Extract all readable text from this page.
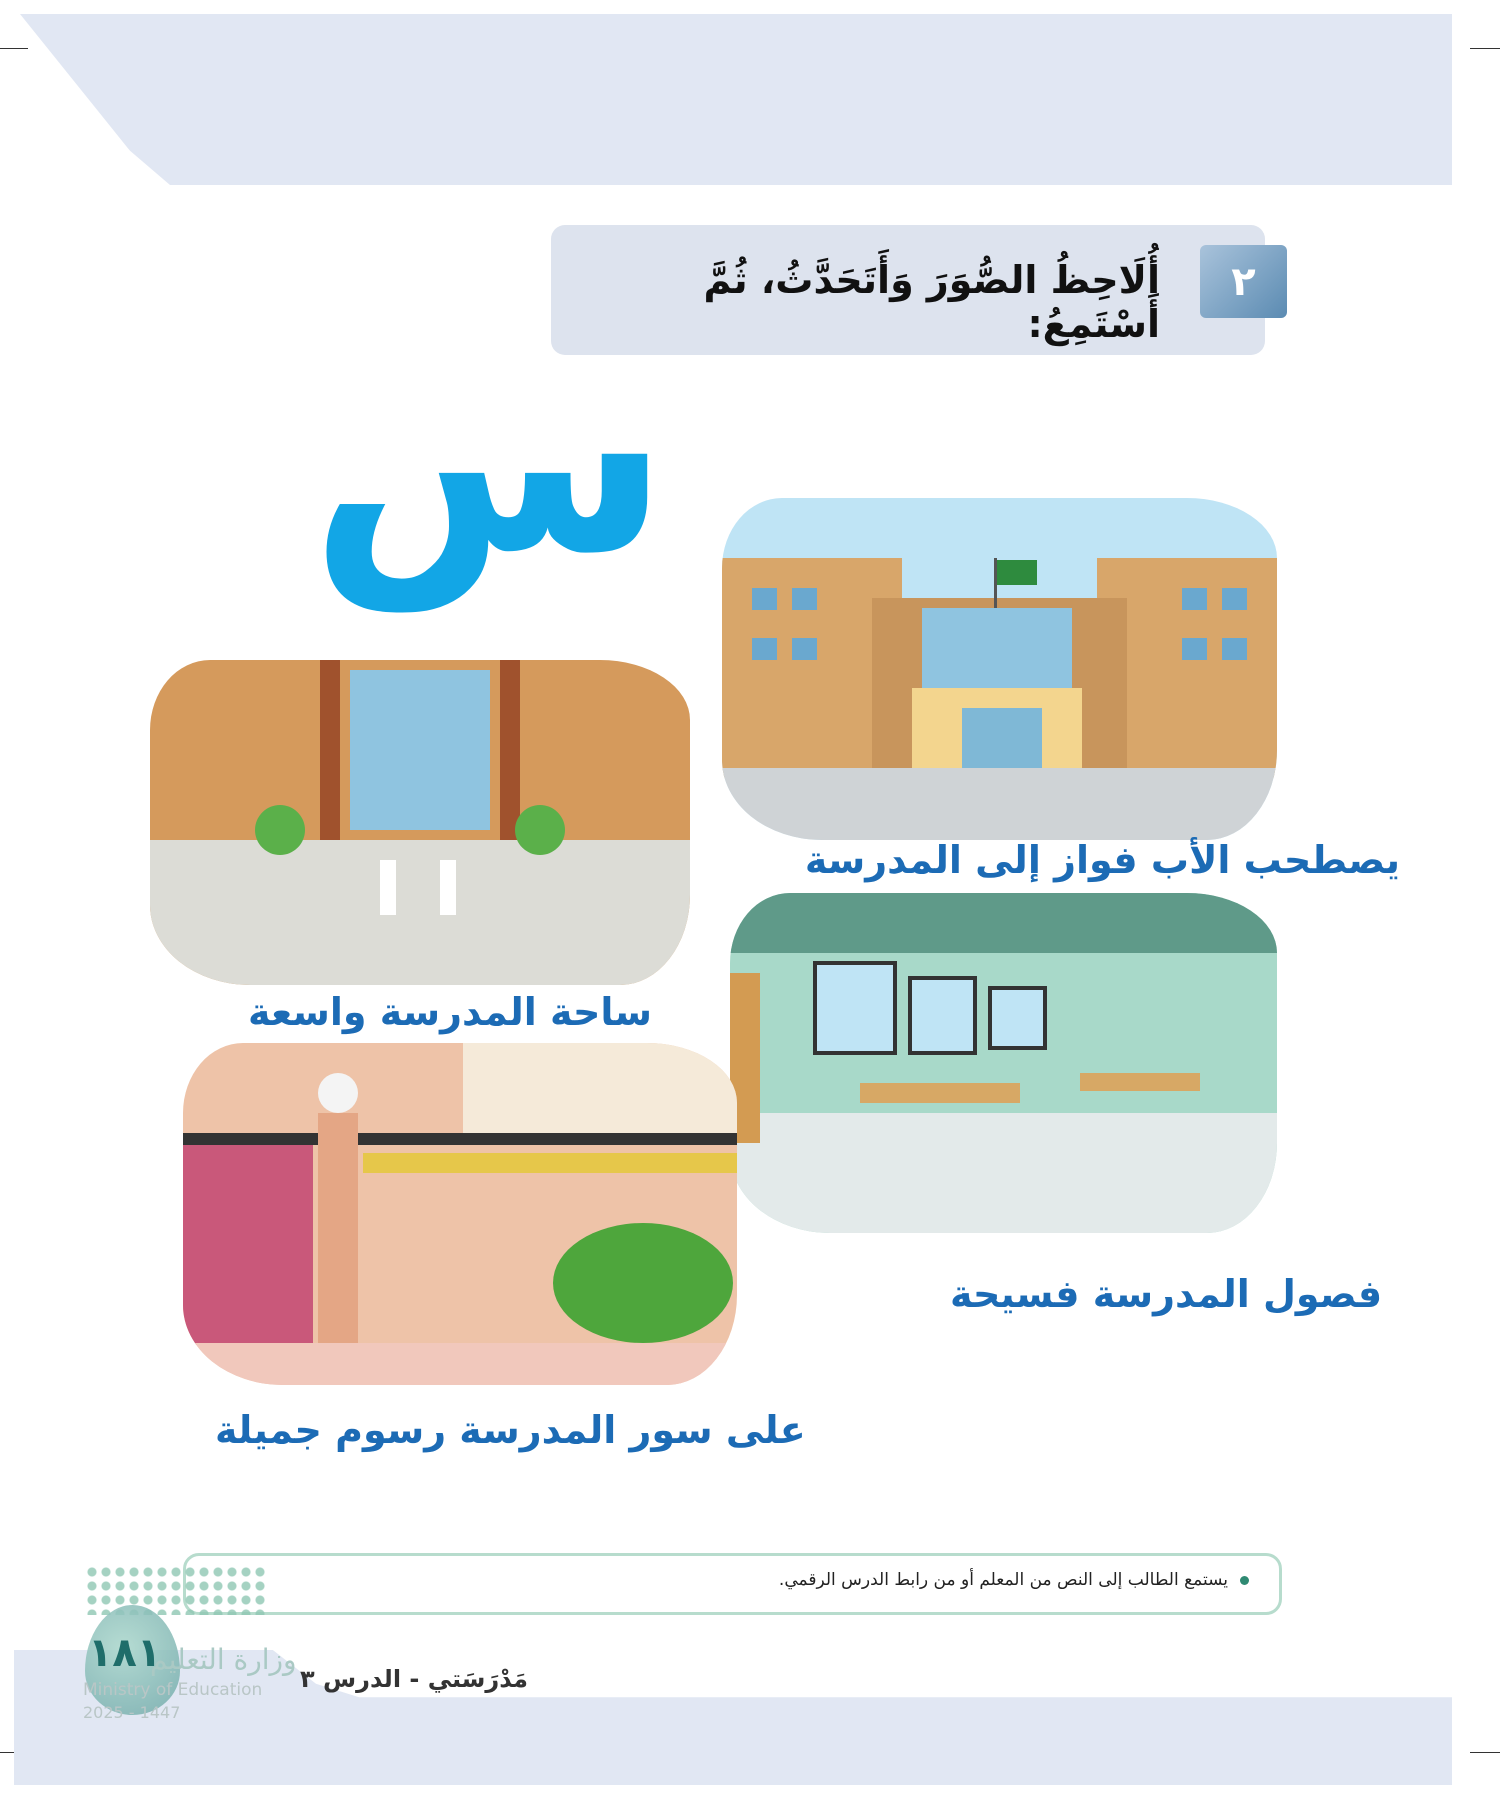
أُلَاحِظُ الصُّوَرَ وَأَتَحَدَّثُ، ثُمَّ أَسْتَمِعُ:
٢
س
يصطحب الأب فواز إلى المدرسة
ساحة المدرسة واسعة
فصول المدرسة فسيحة
على سور المدرسة رسوم جميلة
يستمع الطالب إلى النص من المعلم أو من رابط الدرس الرقمي.
١٨١
وزارة التعليم
Ministry of Education
2025 - 1447
مَدْرَسَتي - الدرس ٣
